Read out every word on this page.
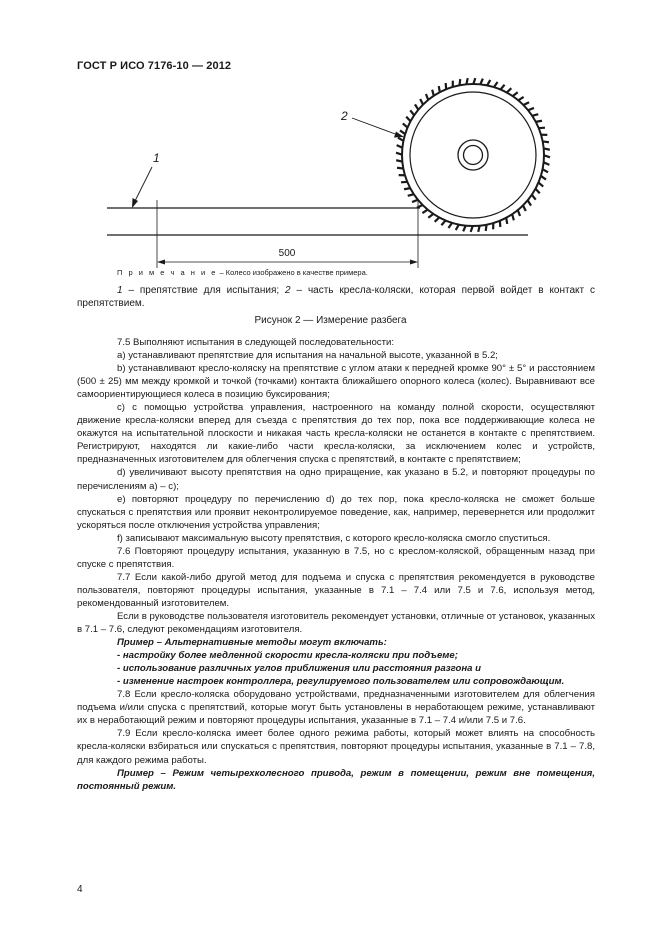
ГОСТ Р ИСО 7176-10 — 2012
500
1
2
П р и м е ч а н и е – Колесо изображено в качестве примера.
1 – препятствие для испытания; 2 – часть кресла-коляски, которая первой войдет в контакт с препятствием.
Рисунок 2 — Измерение разбега

7.5 Выполняют испытания в следующей последовательности:

а) устанавливают препятствие для испытания на начальной высоте, указанной в 5.2;

b) устанавливают кресло-коляску на препятствие с углом атаки к передней кромке 90° ± 5° и расстоянием (500 ± 25) мм между кромкой и точкой (точками) контакта ближайшего опорного колеса (колес). Выравнивают все самоориентирующиеся колеса в позицию буксирования;

с) с помощью устройства управления, настроенного на команду полной скорости, осуществляют движение кресла-коляски вперед для съезда с препятствия до тех пор, пока все поддерживающие колеса не окажутся на испытательной плоскости и никакая часть кресла-коляски не останется в контакте с препятствием. Регистрируют, находятся ли какие-либо части кресла-коляски, за исключением колес и устройств, предназначенных изготовителем для облегчения спуска с препятствий, в контакте с препятствием;

d) увеличивают высоту препятствия на одно приращение, как указано в 5.2, и повторяют процедуры по перечислениям а) – с);

е) повторяют процедуру по перечислению d) до тех пор, пока кресло-коляска не сможет больше спускаться с препятствия или проявит неконтролируемое поведение, как, например, перевернется или продолжит ускоряться после отключения устройства управления;

f) записывают максимальную высоту препятствия, с которого кресло-коляска смогло спуститься.

7.6 Повторяют процедуру испытания, указанную в 7.5, но с креслом-коляской, обращенным назад при спуске с препятствия.

7.7 Если какой-либо другой метод для подъема и спуска с препятствия рекомендуется в руководстве пользователя, повторяют процедуры испытания, указанные в 7.1 – 7.4 или 7.5 и 7.6, используя метод, рекомендованный изготовителем.

Если в руководстве пользователя изготовитель рекомендует установки, отличные от установок, указанных в 7.1 – 7.6, следуют рекомендациям изготовителя.

Пример – Альтернативные методы могут включать:

- настройку более медленной скорости кресла-коляски при подъеме;

- использование различных углов приближения или расстояния разгона и

- изменение настроек контроллера, регулируемого пользователем или сопровождающим.

7.8 Если кресло-коляска оборудовано устройствами, предназначенными изготовителем для облегчения подъема и/или спуска с препятствий, которые могут быть установлены в неработающем режиме, устанавливают их в неработающий режим и повторяют процедуры испытания, указанные в 7.1 – 7.4 и/или 7.5 и 7.6.

7.9 Если кресло-коляска имеет более одного режима работы, который может влиять на способность кресла-коляски взбираться или спускаться с препятствия, повторяют процедуры испытания, указанные в 7.1 – 7.8, для каждого режима работы.

Пример – Режим четырехколесного привода, режим в помещении, режим вне помещения, постоянный режим.

4
